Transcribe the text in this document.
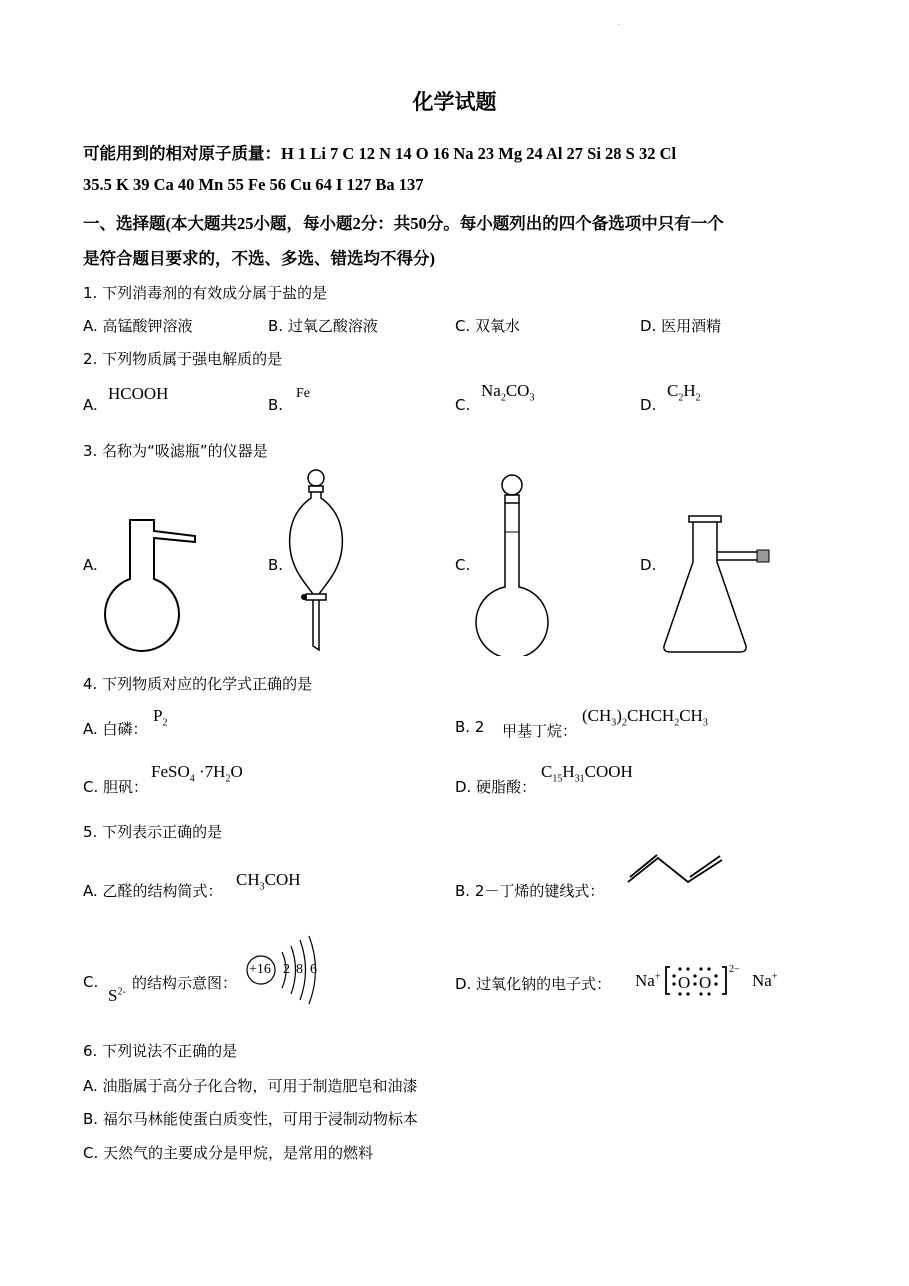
.
化学试题
可能用到的相对原子质量：H 1 Li 7 C 12 N 14 O 16 Na 23 Mg 24 Al 27 Si 28 S 32 Cl
35.5 K 39 Ca 40 Mn 55 Fe 56 Cu 64 I 127 Ba 137
一、选择题(本大题共25小题，每小题2分：共50分。每小题列出的四个备选项中只有一个
是符合题目要求的，不选、多选、错选均不得分)
1. 下列消毒剂的有效成分属于盐的是
A. 高锰酸钾溶液	B. 过氧乙酸溶液	C. 双氧水	D. 医用酒精
2. 下列物质属于强电解质的是
A.
HCOOH
B.
Fe
C.
$Na_2CO_3$	D.
$C_2H_2$
3. 名称为“吸滤瓶”的仪器是
A.	B.	C.	D.
4. 下列物质对应的化学式正确的是
A. 白磷：
$P_2$	B. 2 甲基丁烷：
$(CH_3)_2CHCH_2CH_3$
C. 胆矾：
FeSO$_4$ $\cdot 7H_2O$
D. 硬脂酸：
$C_{15}H_{31}COOH$
5. 下列表示正确的是
A. 乙醛的结构简式：
$CH_3COH$
B. 2－丁烯的键线式：
C.
$S^{2-}$ 的结构示意图：
+16 2 8 6
D. 过氧化钠的电子式： Na+ O O
2−
Na+
6. 下列说法不正确的是
A. 油脂属于高分子化合物，可用于制造肥皂和油漆
B. 福尔马林能使蛋白质变性，可用于浸制动物标本
C. 天然气的主要成分是甲烷，是常用的燃料
